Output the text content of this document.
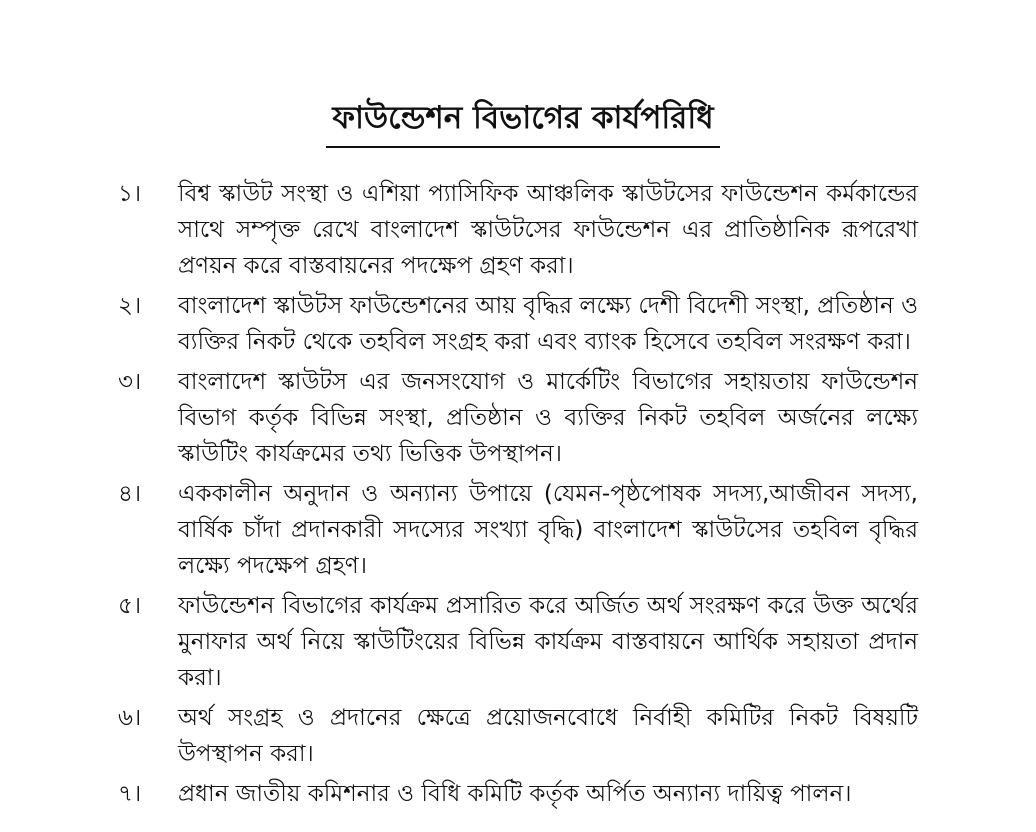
ফাউন্ডেশন বিভাগের কার্যপরিধি
১।	বিশ্ব স্কাউট সংস্থা ও এশিয়া প্যাসিফিক আঞ্চলিক স্কাউটসের ফাউন্ডেশন কর্মকান্ডের সাথে সম্পৃক্ত রেখে বাংলাদেশ স্কাউটসের ফাউন্ডেশন এর প্রাতিষ্ঠানিক রূপরেখা প্রণয়ন করে বাস্তবায়নের পদক্ষেপ গ্রহণ করা।
২।	বাংলাদেশ স্কাউটস ফাউন্ডেশনের আয় বৃদ্ধির লক্ষ্যে দেশী বিদেশী সংস্থা, প্রতিষ্ঠান ও ব্যক্তির নিকট থেকে তহবিল সংগ্রহ করা এবং ব্যাংক হিসেবে তহবিল সংরক্ষণ করা।
৩।	বাংলাদেশ স্কাউটস এর জনসংযোগ ও মার্কেটিং বিভাগের সহায়তায় ফাউন্ডেশন বিভাগ কর্তৃক বিভিন্ন সংস্থা, প্রতিষ্ঠান ও ব্যক্তির নিকট তহবিল অর্জনের লক্ষ্যে স্কাউটিং কার্যক্রমের তথ্য ভিত্তিক উপস্থাপন।
৪।	এককালীন অনুদান ও অন্যান্য উপায়ে (যেমন-পৃষ্ঠপোষক সদস্য,আজীবন সদস্য, বার্ষিক চাঁদা প্রদানকারী সদস্যের সংখ্যা বৃদ্ধি) বাংলাদেশ স্কাউটসের তহবিল বৃদ্ধির লক্ষ্যে পদক্ষেপ গ্রহণ।
৫।	ফাউন্ডেশন বিভাগের কার্যক্রম প্রসারিত করে অর্জিত অর্থ সংরক্ষণ করে উক্ত অর্থের মুনাফার অর্থ নিয়ে স্কাউটিংয়ের বিভিন্ন কার্যক্রম বাস্তবায়নে আর্থিক সহায়তা প্রদান করা।
৬।	অর্থ সংগ্রহ ও প্রদানের ক্ষেত্রে প্রয়োজনবোধে নির্বাহী কমিটির নিকট বিষয়টি উপস্থাপন করা।
৭।	প্রধান জাতীয় কমিশনার ও বিধি কমিটি কর্তৃক অর্পিত অন্যান্য দায়িত্ব পালন।
